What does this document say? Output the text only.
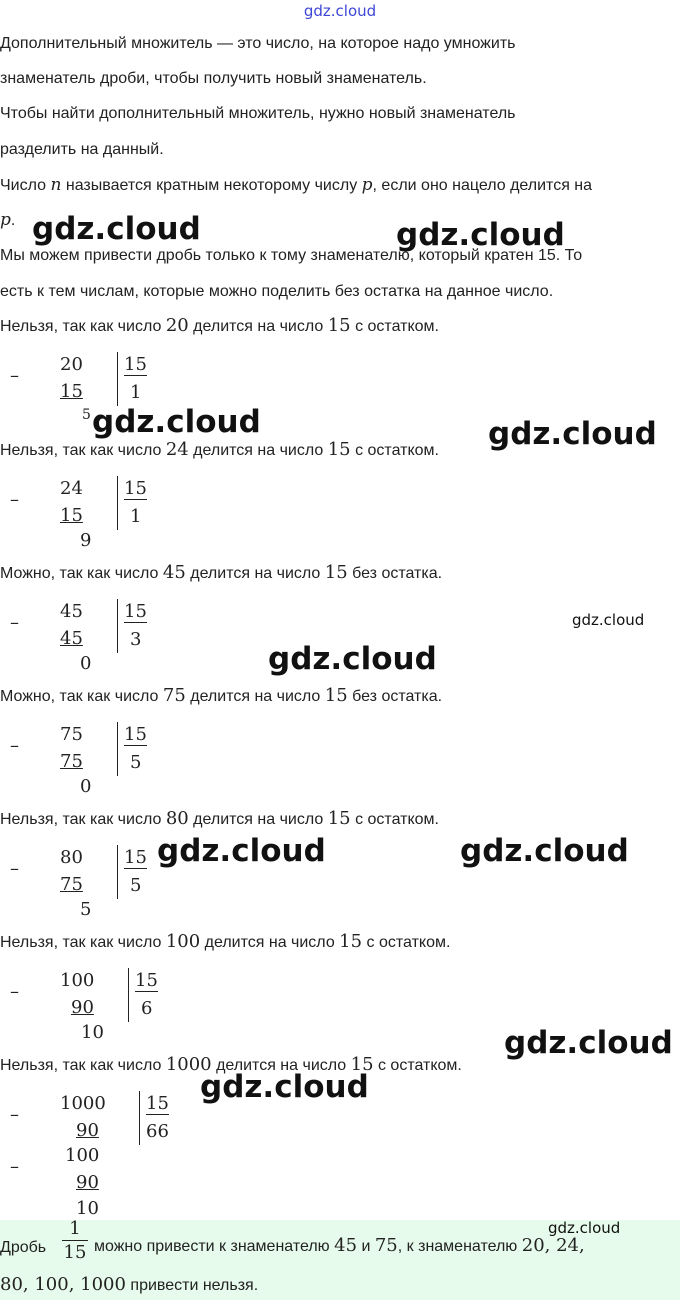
gdz.cloud
Дополнительный множитель — это число, на которое надо умножить
знаменатель дроби, чтобы получить новый знаменатель.
Чтобы найти дополнительный множитель, нужно новый знаменатель
разделить на данный.
Число n называется кратным некоторому числу p, если оно нацело делится на
p.
Мы можем привести дробь только к тому знаменателю, который кратен 15. То
есть к тем числам, которые можно поделить без остатка на данное число.
Нельзя, так как число 20 делится на число 15 с остатком.
–
20
15
5
15
1
Нельзя, так как число 24 делится на число 15 с остатком.
–
24
15
9
15
1
Можно, так как число 45 делится на число 15 без остатка.
–
45
45
0
15
3
Можно, так как число 75 делится на число 15 без остатка.
–
75
75
0
15
5
Нельзя, так как число 80 делится на число 15 с остатком.
–
80
75
5
15
5
Нельзя, так как число 100 делится на число 15 с остатком.
–
100
90
10
15
6
Нельзя, так как число 1000 делится на число 15 с остатком.
–
1000
90
–
100
90
10
15
66
Дробь $\frac{1}{15}$ можно привести к знаменателю 45 и 75, к знаменателю 20, 24,
80, 100, 1000 привести нельзя.
gdz.cloud	gdz.cloud
gdz.cloud	gdz.cloud
gdz.cloud
gdz.cloud
gdz.cloud	gdz.cloud
gdz.cloud
gdz.cloud
gdz.cloud
